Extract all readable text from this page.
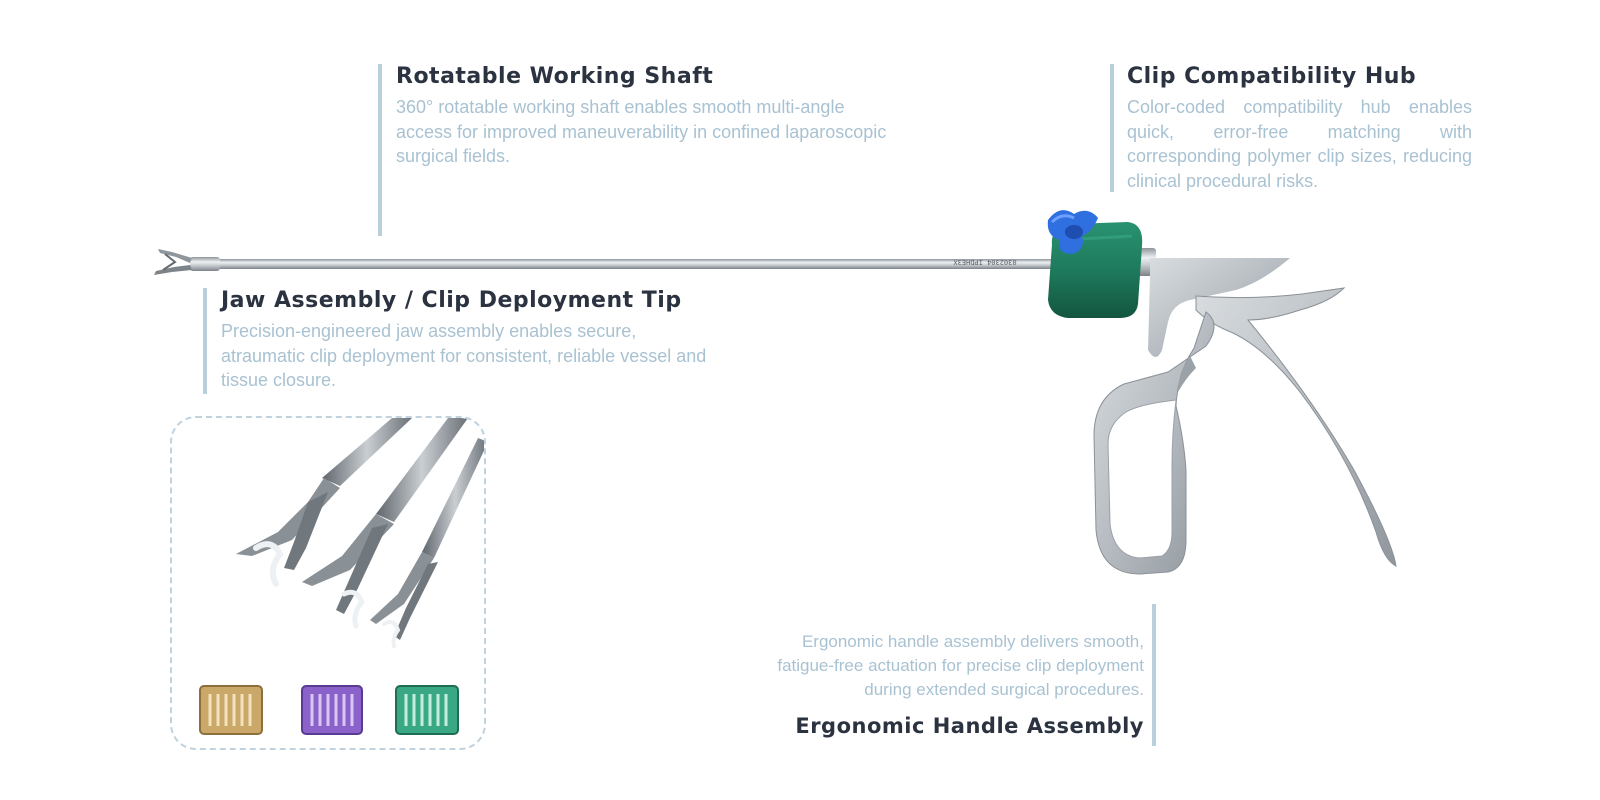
Rotatable Working Shaft

360° rotatable working shaft enables smooth multi-angle access for improved maneuverability in confined laparoscopic surgical fields.

Clip Compatibility Hub

Color-coded compatibility hub enables quick, error-free matching with corresponding polymer clip sizes, reducing clinical procedural risks.

Jaw Assembly / Clip Deployment Tip

Precision-engineered jaw assembly enables secure, atraumatic clip deployment for consistent, reliable vessel and tissue closure.

Ergonomic handle assembly delivers smooth, fatigue-free actuation for precise clip deployment during extended surgical procedures.

Ergonomic Handle Assembly
0302304 IPDHE3X
